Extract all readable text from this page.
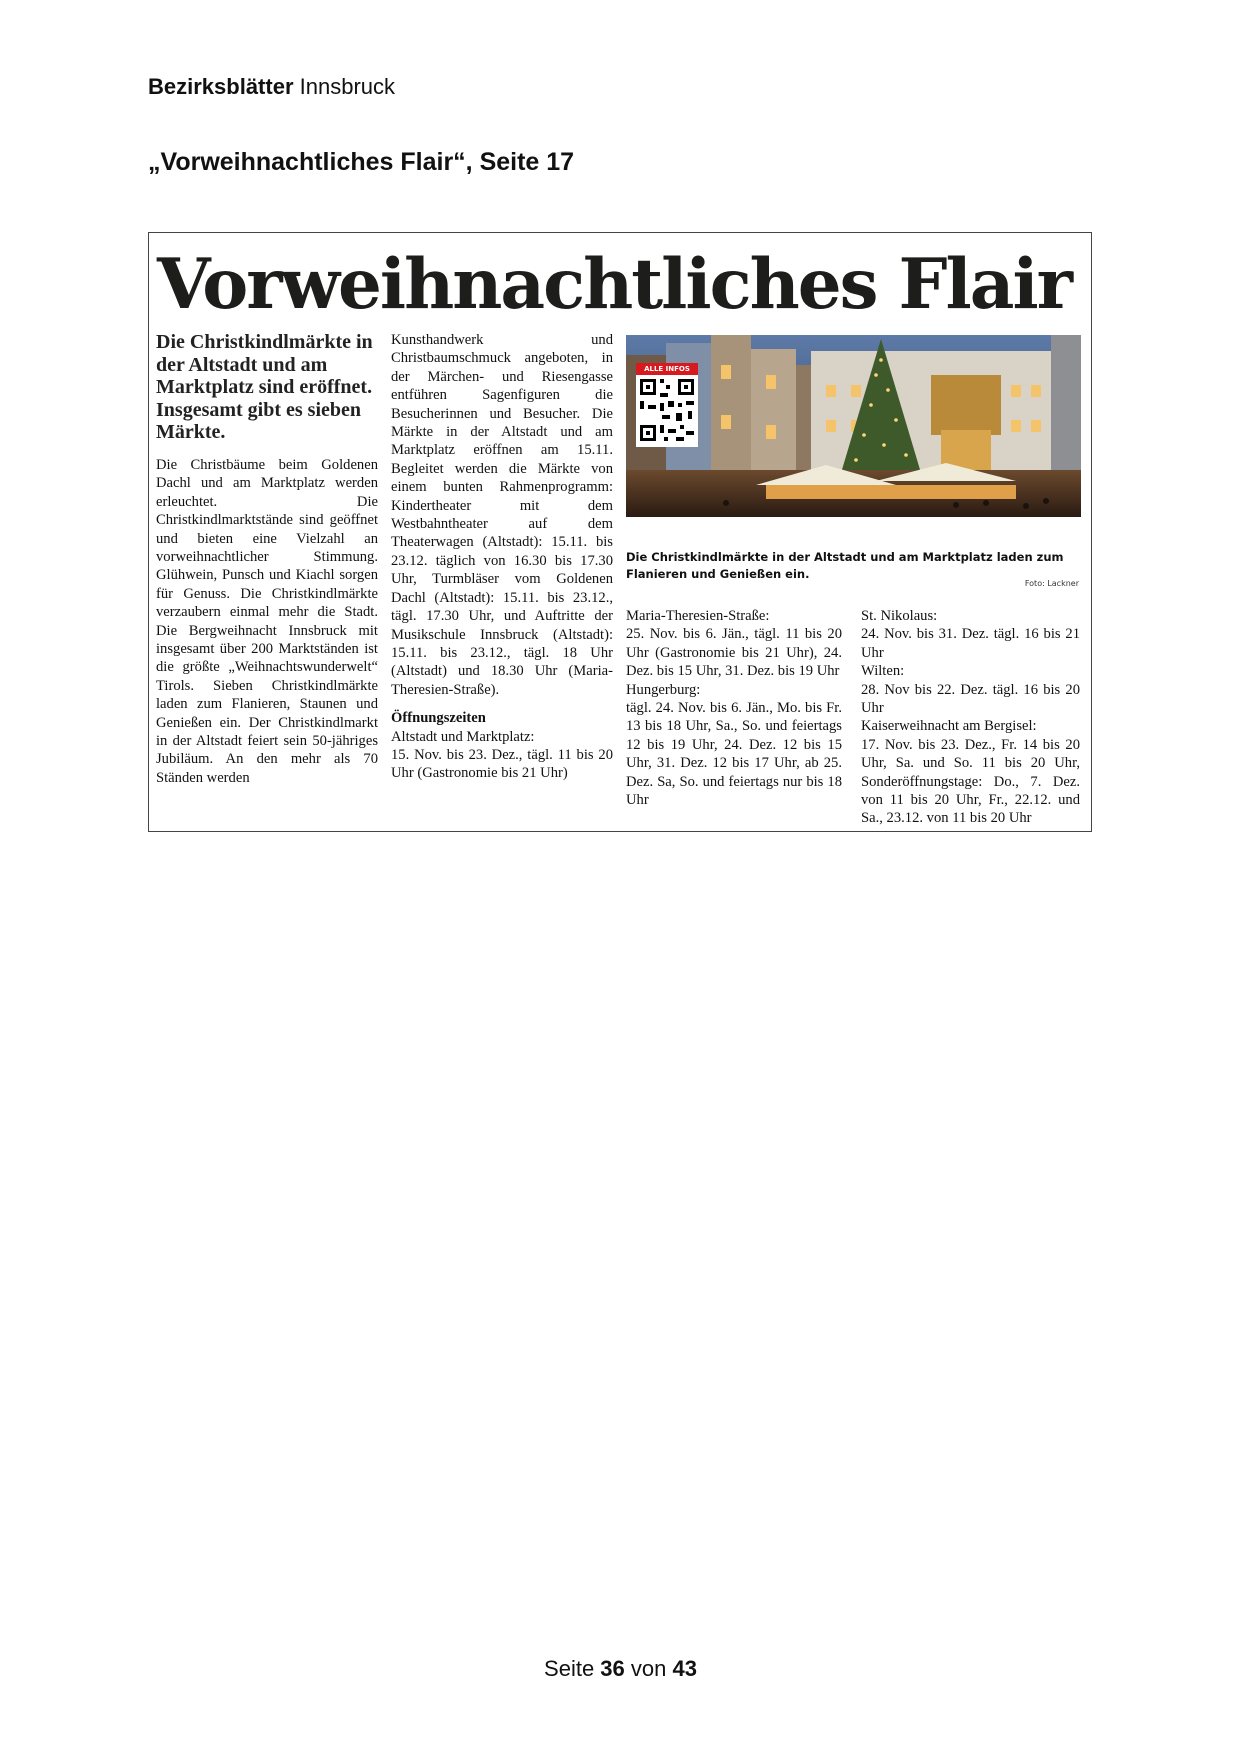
Bezirksblätter Innsbruck
„Vorweihnachtliches Flair“, Seite 17
Vorweihnachtliches Flair

Die Christkindlmärkte in der Altstadt und am Marktplatz sind eröffnet. Insgesamt gibt es sieben Märkte.

Die Christbäume beim Goldenen Dachl und am Marktplatz werden erleuchtet. Die Christkindlmarktstände sind geöffnet und bieten eine Vielzahl an vorweihnachtlicher Stimmung. Glühwein, Punsch und Kiachl sorgen für Genuss. Die Christkindlmärkte verzaubern einmal mehr die Stadt. Die Bergweihnacht Innsbruck mit insgesamt über 200 Marktständen ist die größte „Weihnachtswunderwelt“ Tirols. Sieben Christkindlmärkte laden zum Flanieren, Staunen und Genießen ein. Der Christkindlmarkt in der Altstadt feiert sein 50-jähriges Jubiläum. An den mehr als 70 Ständen werden

Kunsthandwerk und Christbaumschmuck angeboten, in der Märchen- und Riesengasse entführen Sagenfiguren die Besucherinnen und Besucher. Die Märkte in der Altstadt und am Marktplatz eröffnen am 15.11. Begleitet werden die Märkte von einem bunten Rahmenprogramm: Kindertheater mit dem Westbahntheater auf dem Theaterwagen (Altstadt): 15.11. bis 23.12. täglich von 16.30 bis 17.30 Uhr, Turmbläser vom Goldenen Dachl (Altstadt): 15.11. bis 23.12., tägl. 17.30 Uhr, und Auftritte der Musikschule Innsbruck (Altstadt): 15.11. bis 23.12., tägl. 18 Uhr (Altstadt) und 18.30 Uhr (Maria-Theresien-Straße).

Öffnungszeiten

Altstadt und Marktplatz:

15. Nov. bis 23. Dez., tägl. 11 bis 20 Uhr (Gastronomie bis 21 Uhr)

ALLE INFOS
Die Christkindlmärkte in der Altstadt und am Marktplatz laden zum Flanieren und Genießen ein.
Foto: Lackner

Maria-Theresien-Straße:

25. Nov. bis 6. Jän., tägl. 11 bis 20 Uhr (Gastronomie bis 21 Uhr), 24. Dez. bis 15 Uhr, 31. Dez. bis 19 Uhr

Hungerburg:

tägl. 24. Nov. bis 6. Jän., Mo. bis Fr. 13 bis 18 Uhr, Sa., So. und feiertags 12 bis 19 Uhr, 24. Dez. 12 bis 15 Uhr, 31. Dez. 12 bis 17 Uhr, ab 25. Dez. Sa, So. und feiertags nur bis 18 Uhr

St. Nikolaus:

24. Nov. bis 31. Dez. tägl. 16 bis 21 Uhr

Wilten:

28. Nov bis 22. Dez. tägl. 16 bis 20 Uhr

Kaiserweihnacht am Bergisel:

17. Nov. bis 23. Dez., Fr. 14 bis 20 Uhr, Sa. und So. 11 bis 20 Uhr, Sonderöffnungstage: Do., 7. Dez. von 11 bis 20 Uhr, Fr., 22.12. und Sa., 23.12. von 11 bis 20 Uhr

Seite 36 von 43
